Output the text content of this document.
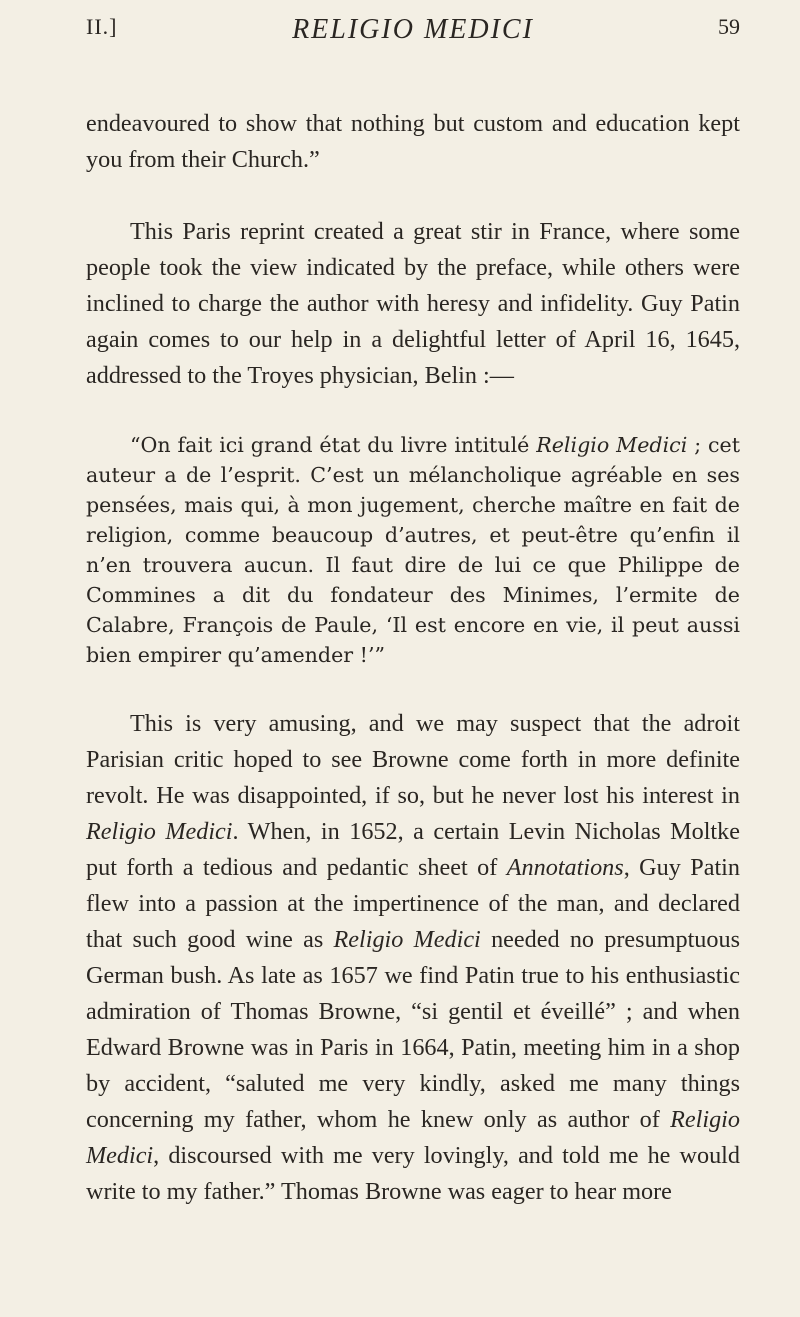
II.]	RELIGIO MEDICI	59

endeavoured to show that nothing but custom and education kept you from their Church.”

This Paris reprint created a great stir in France, where some people took the view indicated by the preface, while others were inclined to charge the author with heresy and infidelity. Guy Patin again comes to our help in a delightful letter of April 16, 1645, addressed to the Troyes physician, Belin :—

“On fait ici grand état du livre intitulé Religio Medici ; cet auteur a de l’esprit. C’est un mélancholique agréable en ses pensées, mais qui, à mon jugement, cherche maître en fait de religion, comme beaucoup d’autres, et peut-être qu’enfin il n’en trouvera aucun. Il faut dire de lui ce que Philippe de Commines a dit du fondateur des Minimes, l’ermite de Calabre, François de Paule, ‘Il est encore en vie, il peut aussi bien empirer qu’amender !’”

This is very amusing, and we may suspect that the adroit Parisian critic hoped to see Browne come forth in more definite revolt. He was disappointed, if so, but he never lost his interest in Religio Medici. When, in 1652, a certain Levin Nicholas Moltke put forth a tedious and pedantic sheet of Annotations, Guy Patin flew into a passion at the impertinence of the man, and declared that such good wine as Religio Medici needed no presumptuous German bush. As late as 1657 we find Patin true to his enthusiastic admiration of Thomas Browne, “si gentil et éveillé” ; and when Edward Browne was in Paris in 1664, Patin, meeting him in a shop by accident, “saluted me very kindly, asked me many things concerning my father, whom he knew only as author of Religio Medici, discoursed with me very lovingly, and told me he would write to my father.” Thomas Browne was eager to hear more
